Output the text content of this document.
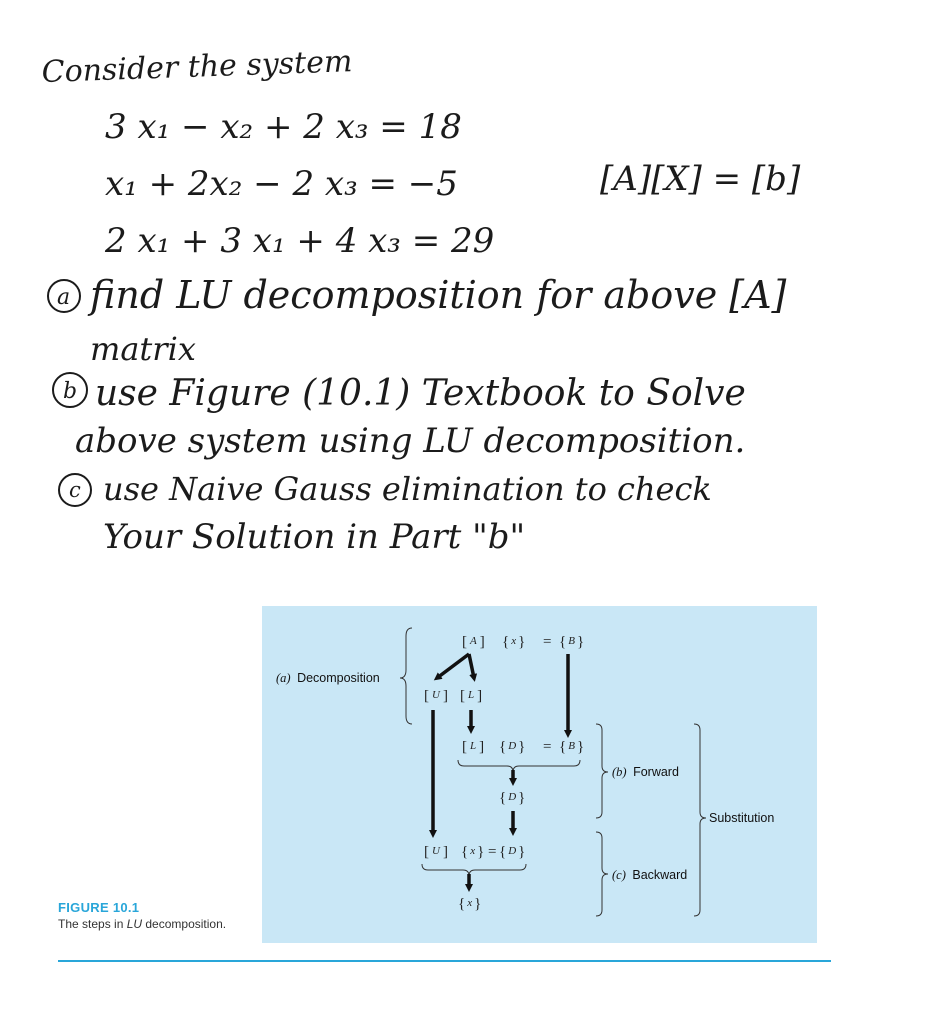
Consider the system
3 x₁ − x₂ + 2 x₃ = 18
x₁ + 2x₂ − 2 x₃ = −5
2 x₁ + 3 x₁ + 4 x₃ = 29
[A][X] = [b]
a find LU decomposition for above [A]
matrix
b use Figure (10.1) Textbook to Solve
above system using LU decomposition.
c use Naive Gauss elimination to check
Your Solution in Part "b"
(a) Decomposition
[ A ] { x } = { B }
[ U ] [ L ]
[ L ] { D } = { B }
{ D }
[ U ] { x } = { D }
{ x }
(b) Forward
(c) Backward
Substitution
FIGURE 10.1
The steps in LU decomposition.
